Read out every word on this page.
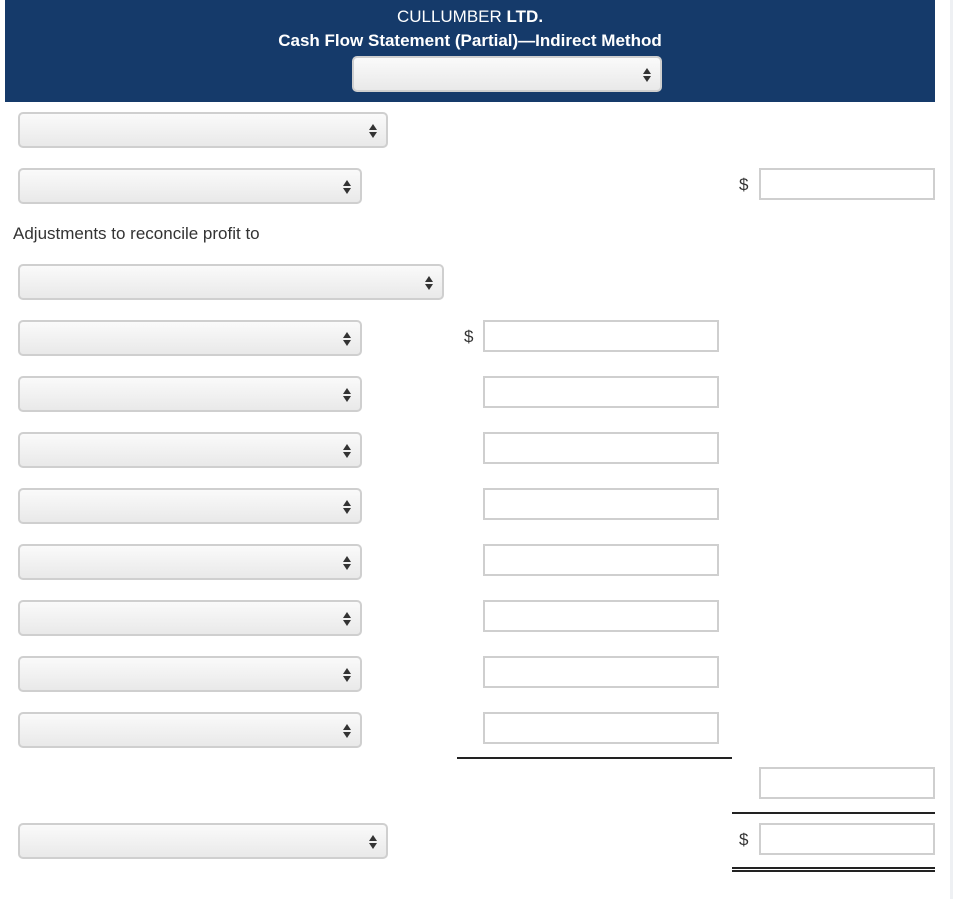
CULLUMBER LTD.
Cash Flow Statement (Partial)—Indirect Method
$
Adjustments to reconcile profit to
$
$
